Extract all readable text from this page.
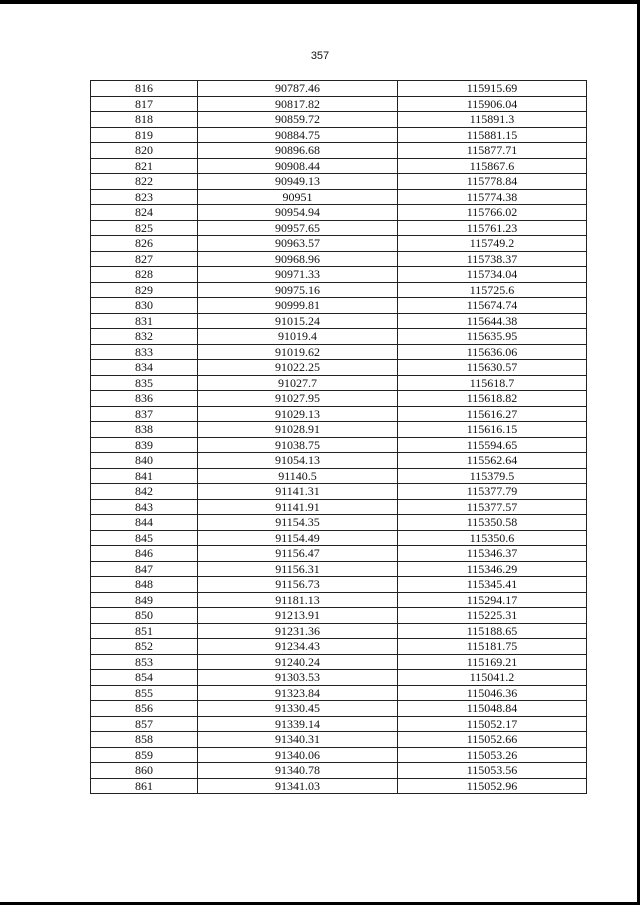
357
816	90787.46	115915.69
817	90817.82	115906.04
818	90859.72	115891.3
819	90884.75	115881.15
820	90896.68	115877.71
821	90908.44	115867.6
822	90949.13	115778.84
823	90951	115774.38
824	90954.94	115766.02
825	90957.65	115761.23
826	90963.57	115749.2
827	90968.96	115738.37
828	90971.33	115734.04
829	90975.16	115725.6
830	90999.81	115674.74
831	91015.24	115644.38
832	91019.4	115635.95
833	91019.62	115636.06
834	91022.25	115630.57
835	91027.7	115618.7
836	91027.95	115618.82
837	91029.13	115616.27
838	91028.91	115616.15
839	91038.75	115594.65
840	91054.13	115562.64
841	91140.5	115379.5
842	91141.31	115377.79
843	91141.91	115377.57
844	91154.35	115350.58
845	91154.49	115350.6
846	91156.47	115346.37
847	91156.31	115346.29
848	91156.73	115345.41
849	91181.13	115294.17
850	91213.91	115225.31
851	91231.36	115188.65
852	91234.43	115181.75
853	91240.24	115169.21
854	91303.53	115041.2
855	91323.84	115046.36
856	91330.45	115048.84
857	91339.14	115052.17
858	91340.31	115052.66
859	91340.06	115053.26
860	91340.78	115053.56
861	91341.03	115052.96
